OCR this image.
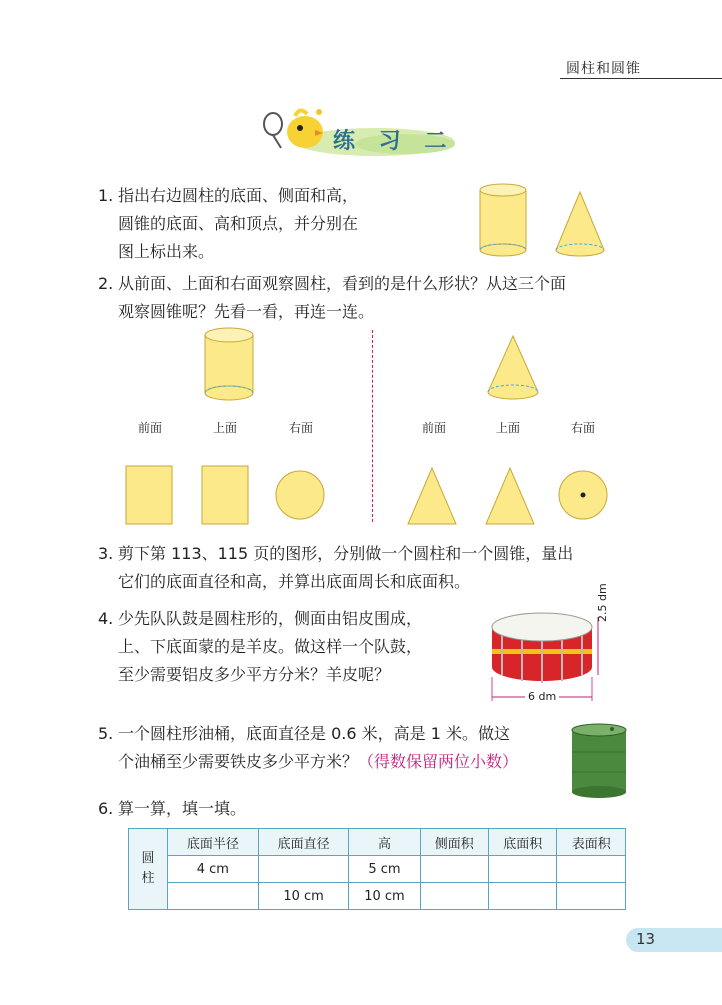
圆柱和圆锥
练 习 二
1. 指出右边圆柱的底面、侧面和高，
圆锥的底面、高和顶点，并分别在
图上标出来。
2. 从前面、上面和右面观察圆柱，看到的是什么形状？从这三个面
观察圆锥呢？先看一看，再连一连。
前面	上面	右面	前面	上面	右面
3. 剪下第 113、115 页的图形，分别做一个圆柱和一个圆锥，量出
它们的底面直径和高，并算出底面周长和底面积。
4. 少先队队鼓是圆柱形的，侧面由铝皮围成，
上、下底面蒙的是羊皮。做这样一个队鼓，
至少需要铝皮多少平方分米？羊皮呢？
2.5 dm
6 dm
5. 一个圆柱形油桶，底面直径是 0.6 米，高是 1 米。做这
个油桶至少需要铁皮多少平方米？（得数保留两位小数）
6. 算一算，填一填。
圆柱	底面半径	底面直径	高	侧面积	底面积	表面积
	4 cm		5 cm			
		10 cm	10 cm			
13
